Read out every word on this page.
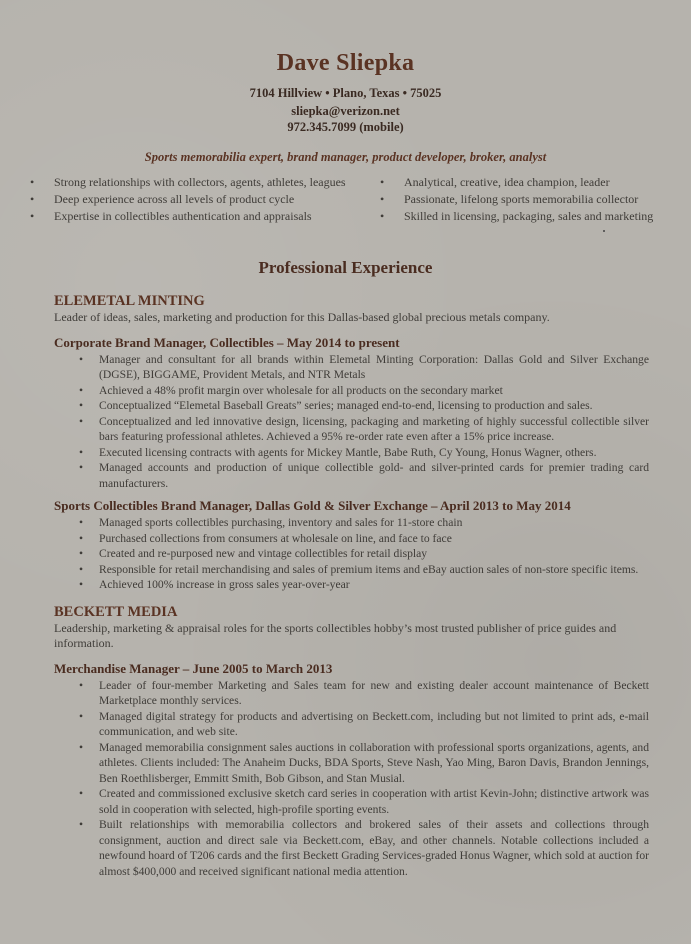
Dave Sliepka
7104 Hillview • Plano, Texas • 75025
sliepka@verizon.net
972.345.7099 (mobile)
Sports memorabilia expert, brand manager, product developer, broker, analyst
• Strong relationships with collectors, agents, athletes, leagues
• Deep experience across all levels of product cycle
• Expertise in collectibles authentication and appraisals
• Analytical, creative, idea champion, leader
• Passionate, lifelong sports memorabilia collector
• Skilled in licensing, packaging, sales and marketing
Professional Experience

ELEMETAL MINTING

Leader of ideas, sales, marketing and production for this Dallas-based global precious metals company.

Corporate Brand Manager, Collectibles – May 2014 to present

• Manager and consultant for all brands within Elemetal Minting Corporation: Dallas Gold and Silver Exchange (DGSE), BIGGAME, Provident Metals, and NTR Metals
• Achieved a 48% profit margin over wholesale for all products on the secondary market
• Conceptualized “Elemetal Baseball Greats” series; managed end-to-end, licensing to production and sales.
• Conceptualized and led innovative design, licensing, packaging and marketing of highly successful collectible silver bars featuring professional athletes. Achieved a 95% re-order rate even after a 15% price increase.
• Executed licensing contracts with agents for Mickey Mantle, Babe Ruth, Cy Young, Honus Wagner, others.
• Managed accounts and production of unique collectible gold- and silver-printed cards for premier trading card manufacturers.

Sports Collectibles Brand Manager, Dallas Gold & Silver Exchange – April 2013 to May 2014

• Managed sports collectibles purchasing, inventory and sales for 11-store chain
• Purchased collections from consumers at wholesale on line, and face to face
• Created and re-purposed new and vintage collectibles for retail display
• Responsible for retail merchandising and sales of premium items and eBay auction sales of non-store specific items.
• Achieved 100% increase in gross sales year-over-year

BECKETT MEDIA

Leadership, marketing & appraisal roles for the sports collectibles hobby’s most trusted publisher of price guides and information.

Merchandise Manager – June 2005 to March 2013

• Leader of four-member Marketing and Sales team for new and existing dealer account maintenance of Beckett Marketplace monthly services.
• Managed digital strategy for products and advertising on Beckett.com, including but not limited to print ads, e-mail communication, and web site.
• Managed memorabilia consignment sales auctions in collaboration with professional sports organizations, agents, and athletes. Clients included: The Anaheim Ducks, BDA Sports, Steve Nash, Yao Ming, Baron Davis, Brandon Jennings, Ben Roethlisberger, Emmitt Smith, Bob Gibson, and Stan Musial.
• Created and commissioned exclusive sketch card series in cooperation with artist Kevin-John; distinctive artwork was sold in cooperation with selected, high-profile sporting events.
• Built relationships with memorabilia collectors and brokered sales of their assets and collections through consignment, auction and direct sale via Beckett.com, eBay, and other channels. Notable collections included a newfound hoard of T206 cards and the first Beckett Grading Services-graded Honus Wagner, which sold at auction for almost $400,000 and received significant national media attention.
